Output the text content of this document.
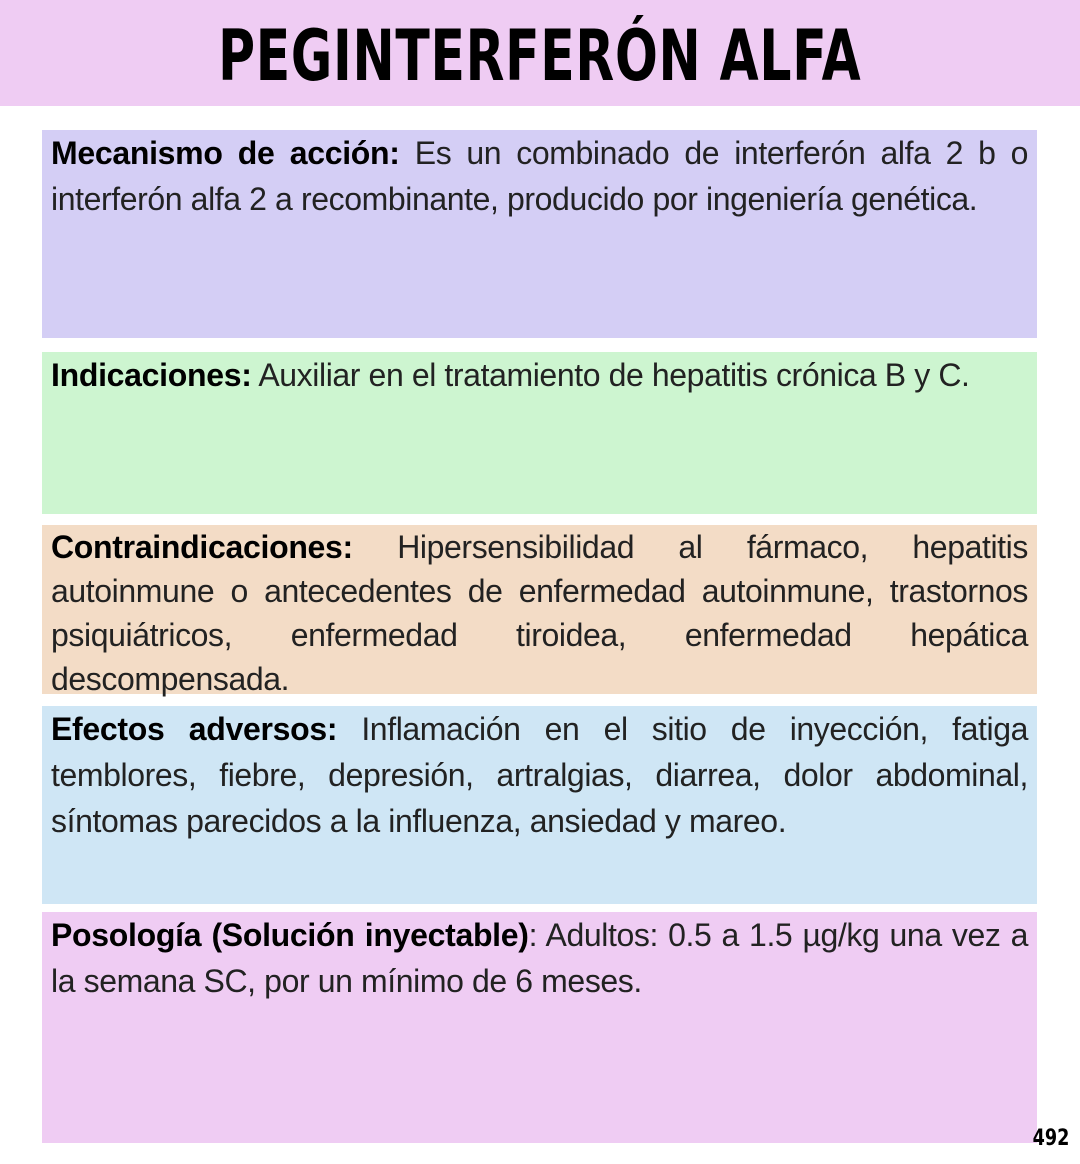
PEGINTERFERÓN ALFA
Mecanismo de acción: Es un combinado de interferón alfa 2 b o interferón alfa 2 a recombinante, producido por ingeniería genética.
Indicaciones: Auxiliar en el tratamiento de hepatitis crónica B y C.
Contraindicaciones: Hipersensibilidad al fármaco, hepatitis autoinmune o antecedentes de enfermedad autoinmune, trastornos psiquiátricos, enfermedad tiroidea, enfermedad hepática descompensada.
Efectos adversos: Inflamación en el sitio de inyección, fatiga temblores, fiebre, depresión, artralgias, diarrea, dolor abdominal, síntomas parecidos a la influenza, ansiedad y mareo.
Posología (Solución inyectable): Adultos: 0.5 a 1.5 µg/kg una vez a la semana SC, por un mínimo de 6 meses.
492
